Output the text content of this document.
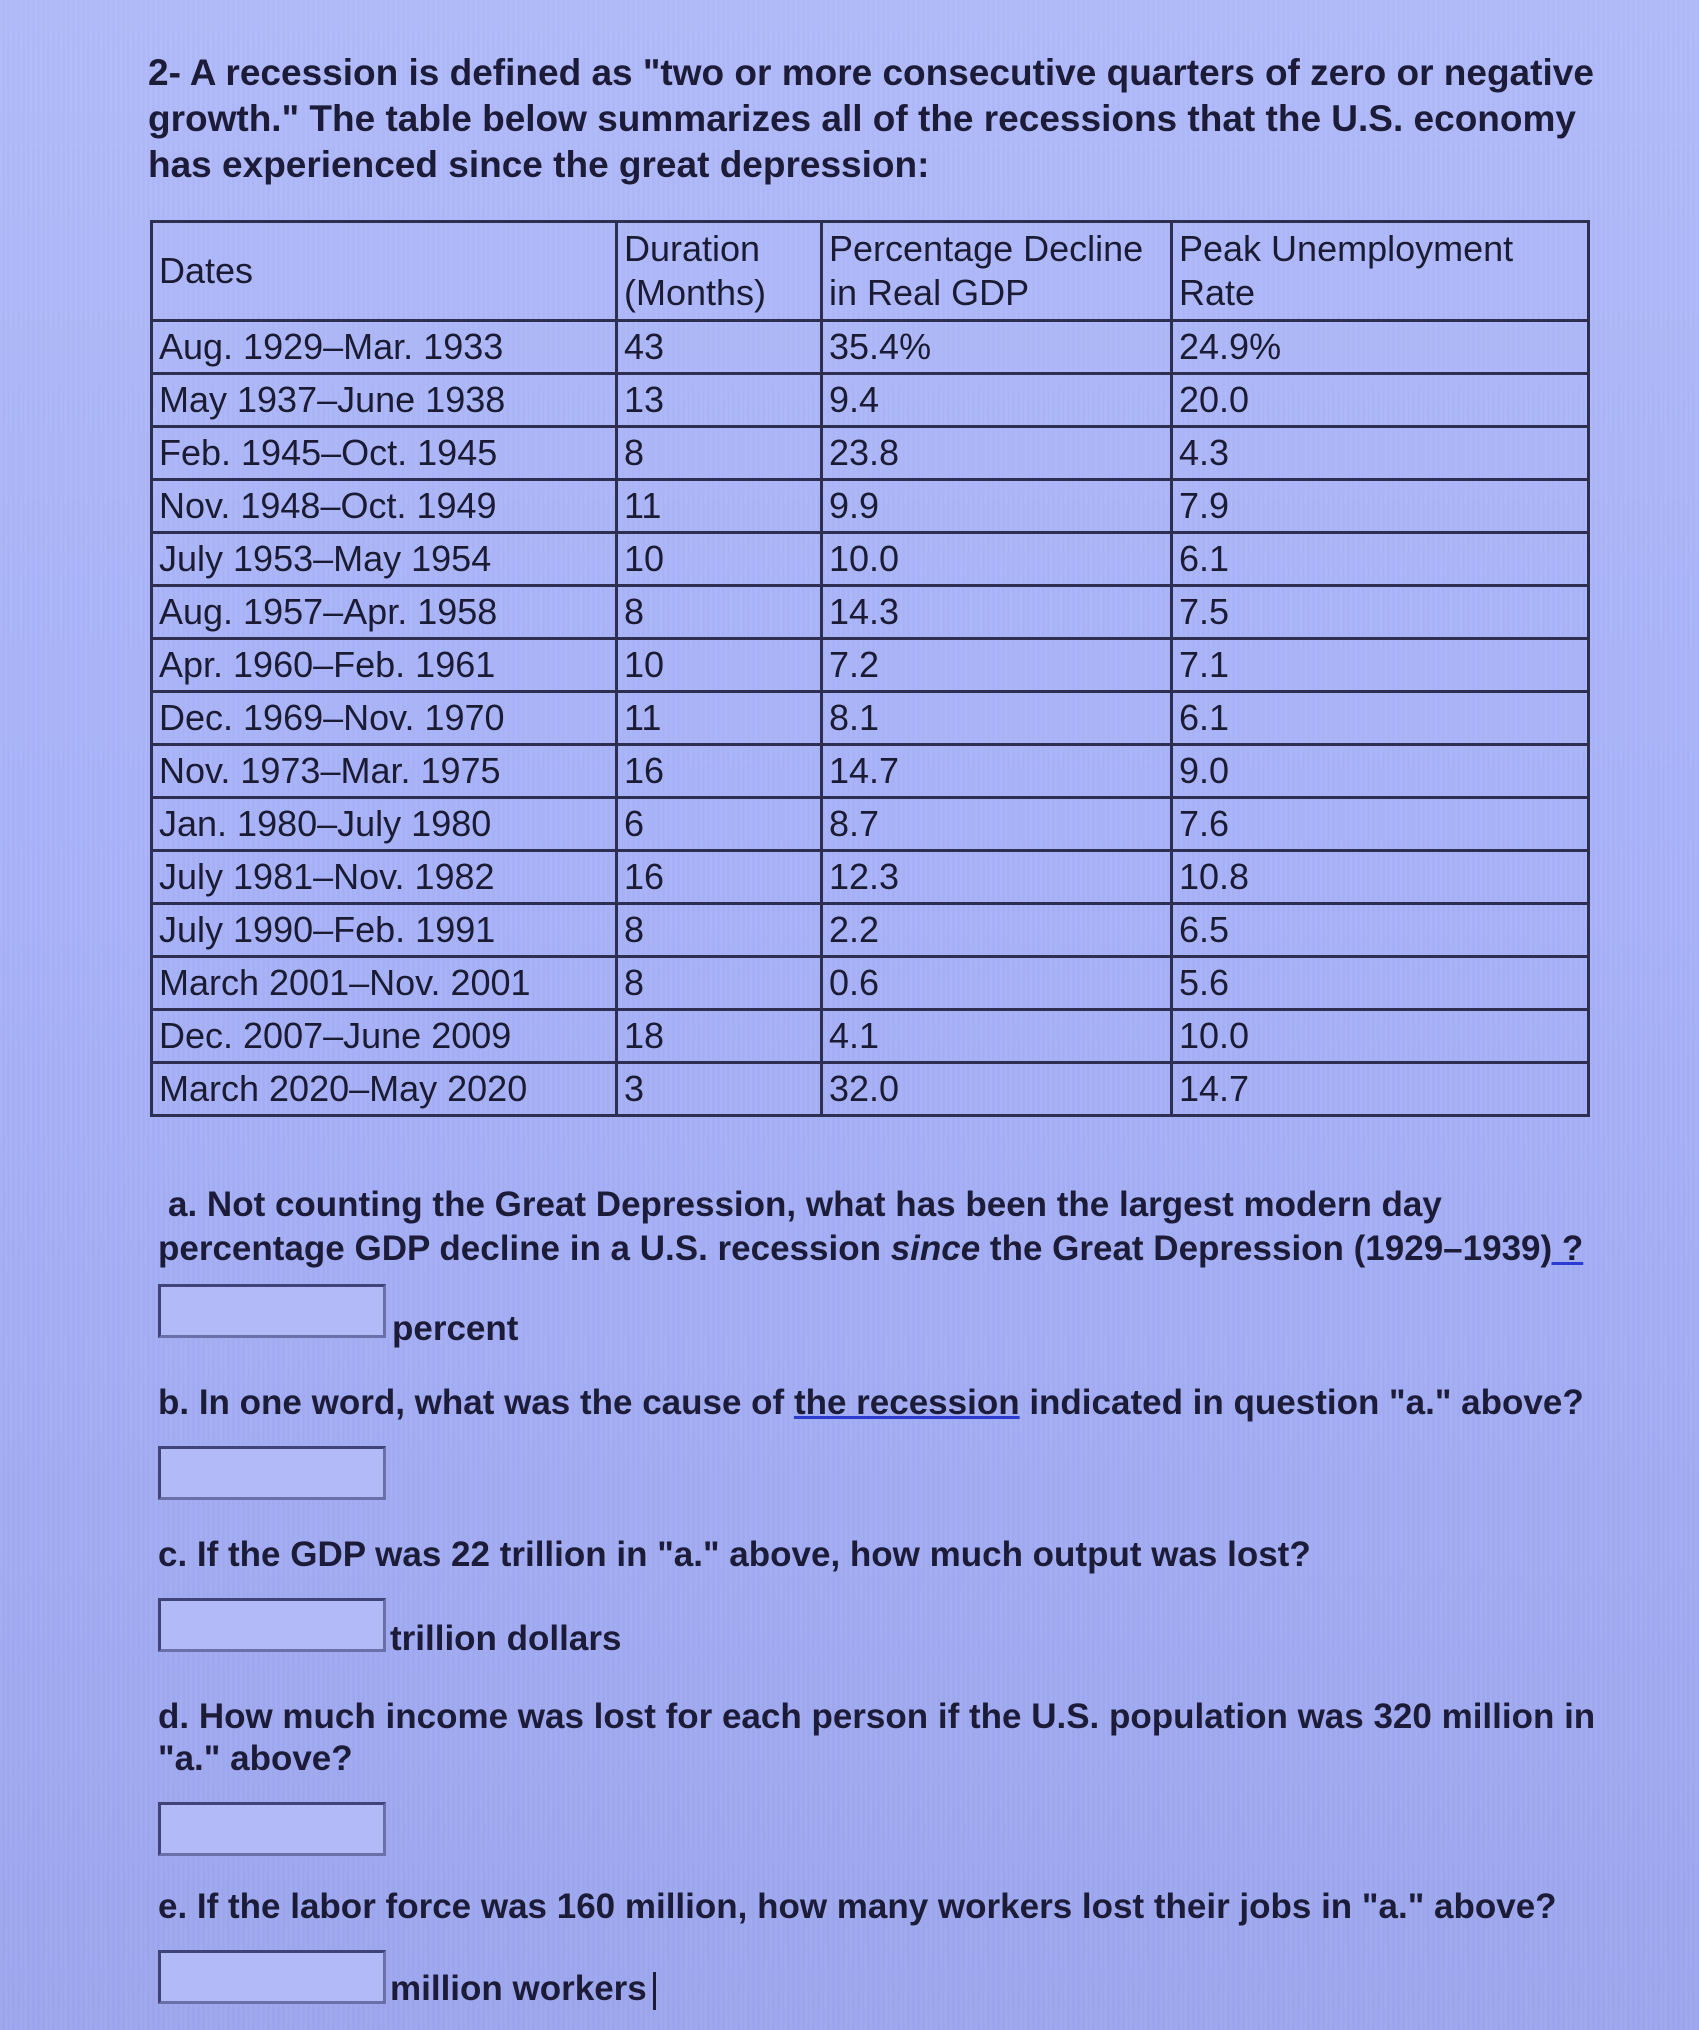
2- A recession is defined as "two or more consecutive quarters of zero or negative growth." The table below summarizes all of the recessions that the U.S. economy has experienced since the great depression:
Dates	Duration (Months)	Percentage Decline in Real GDP	Peak Unemployment Rate
Aug. 1929–Mar. 1933	43	35.4%	24.9%
May 1937–June 1938	13	9.4	20.0
Feb. 1945–Oct. 1945	8	23.8	4.3
Nov. 1948–Oct. 1949	11	9.9	7.9
July 1953–May 1954	10	10.0	6.1
Aug. 1957–Apr. 1958	8	14.3	7.5
Apr. 1960–Feb. 1961	10	7.2	7.1
Dec. 1969–Nov. 1970	11	8.1	6.1
Nov. 1973–Mar. 1975	16	14.7	9.0
Jan. 1980–July 1980	6	8.7	7.6
July 1981–Nov. 1982	16	12.3	10.8
July 1990–Feb. 1991	8	2.2	6.5
March 2001–Nov. 2001	8	0.6	5.6
Dec. 2007–June 2009	18	4.1	10.0
March 2020–May 2020	3	32.0	14.7
a. Not counting the Great Depression, what has been the largest modern day
percentage GDP decline in a U.S. recession since the Great Depression (1929–1939) ?
percent
b. In one word, what was the cause of the recession indicated in question "a." above?
c. If the GDP was 22 trillion in "a." above, how much output was lost?
trillion dollars
d. How much income was lost for each person if the U.S. population was 320 million in
"a." above?
e. If the labor force was 160 million, how many workers lost their jobs in "a." above?
million workers
